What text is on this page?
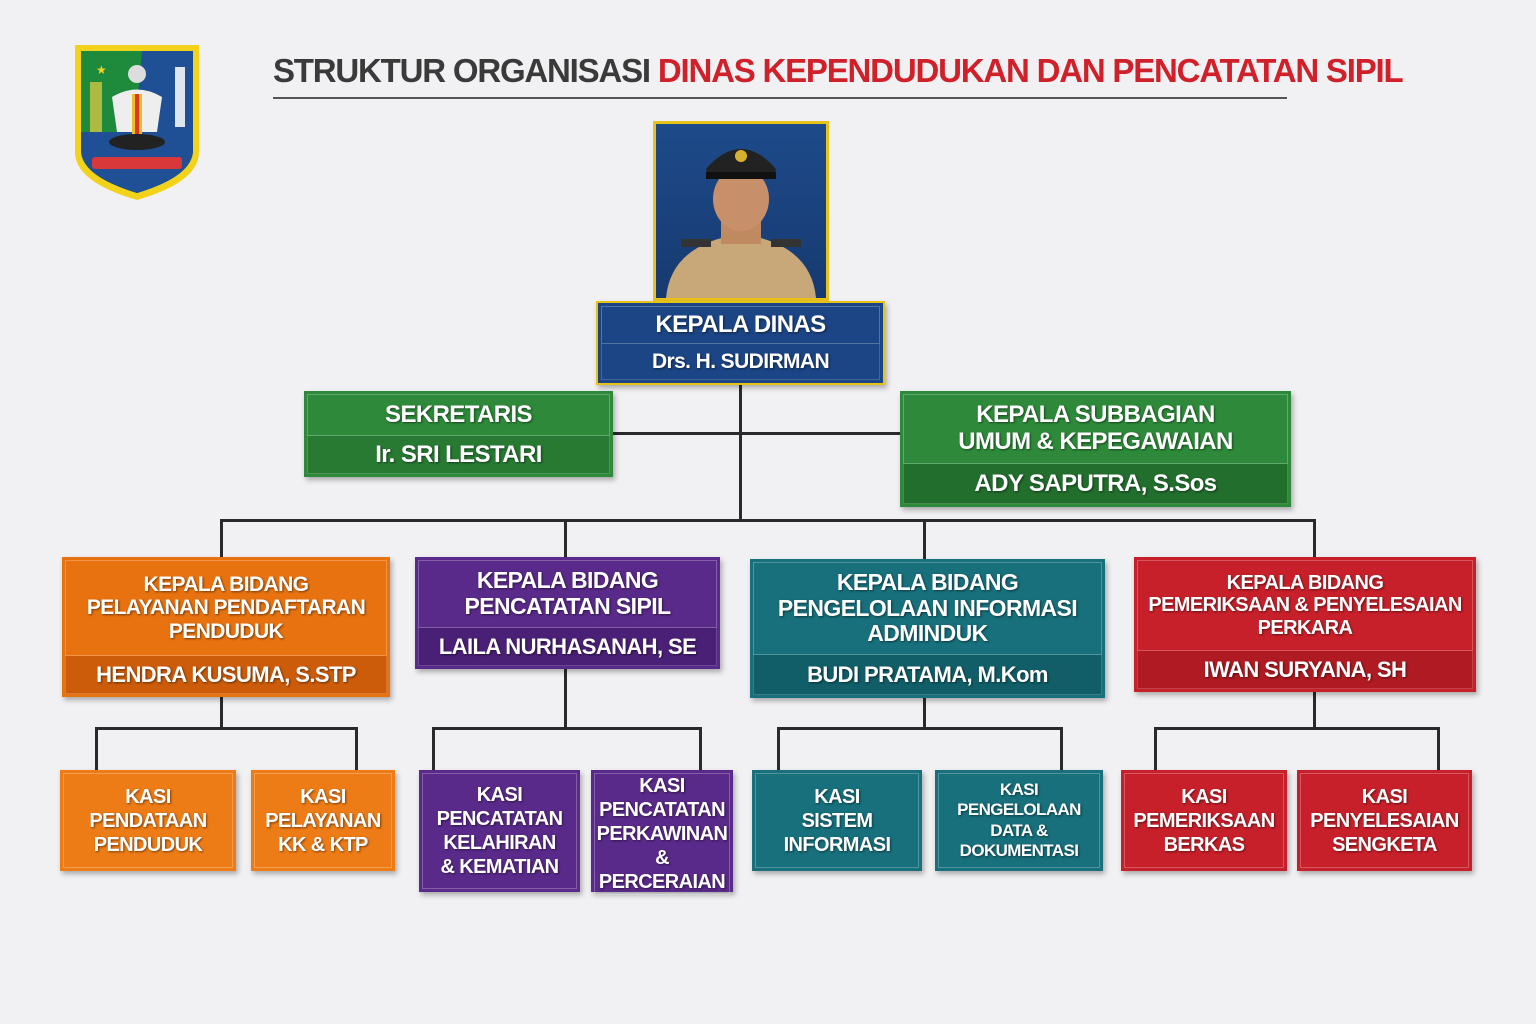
★	STRUKTUR ORGANISASI DINAS KEPENDUDUKAN DAN PENCATATAN SIPIL
KEPALA DINAS
Drs. H. SUDIRMAN
SEKRETARIS
Ir. SRI LESTARI
KEPALA SUBBAGIAN
UMUM & KEPEGAWAIAN
ADY SAPUTRA, S.Sos
KEPALA BIDANG
PELAYANAN PENDAFTARAN
PENDUDUK
HENDRA KUSUMA, S.STP
KEPALA BIDANG
PENCATATAN SIPIL
LAILA NURHASANAH, SE
KEPALA BIDANG
PENGELOLAAN INFORMASI
ADMINDUK
BUDI PRATAMA, M.Kom
KEPALA BIDANG
PEMERIKSAAN & PENYELESAIAN
PERKARA
IWAN SURYANA, SH
KASI
PENDATAAN
PENDUDUK
KASI
PELAYANAN
KK & KTP
KASI
PENCATATAN
KELAHIRAN
& KEMATIAN
KASI
PENCATATAN
PERKAWINAN
& PERCERAIAN
KASI
SISTEM
INFORMASI
KASI
PENGELOLAAN
DATA & DOKUMENTASI
KASI
PEMERIKSAAN
BERKAS
KASI
PENYELESAIAN
SENGKETA
